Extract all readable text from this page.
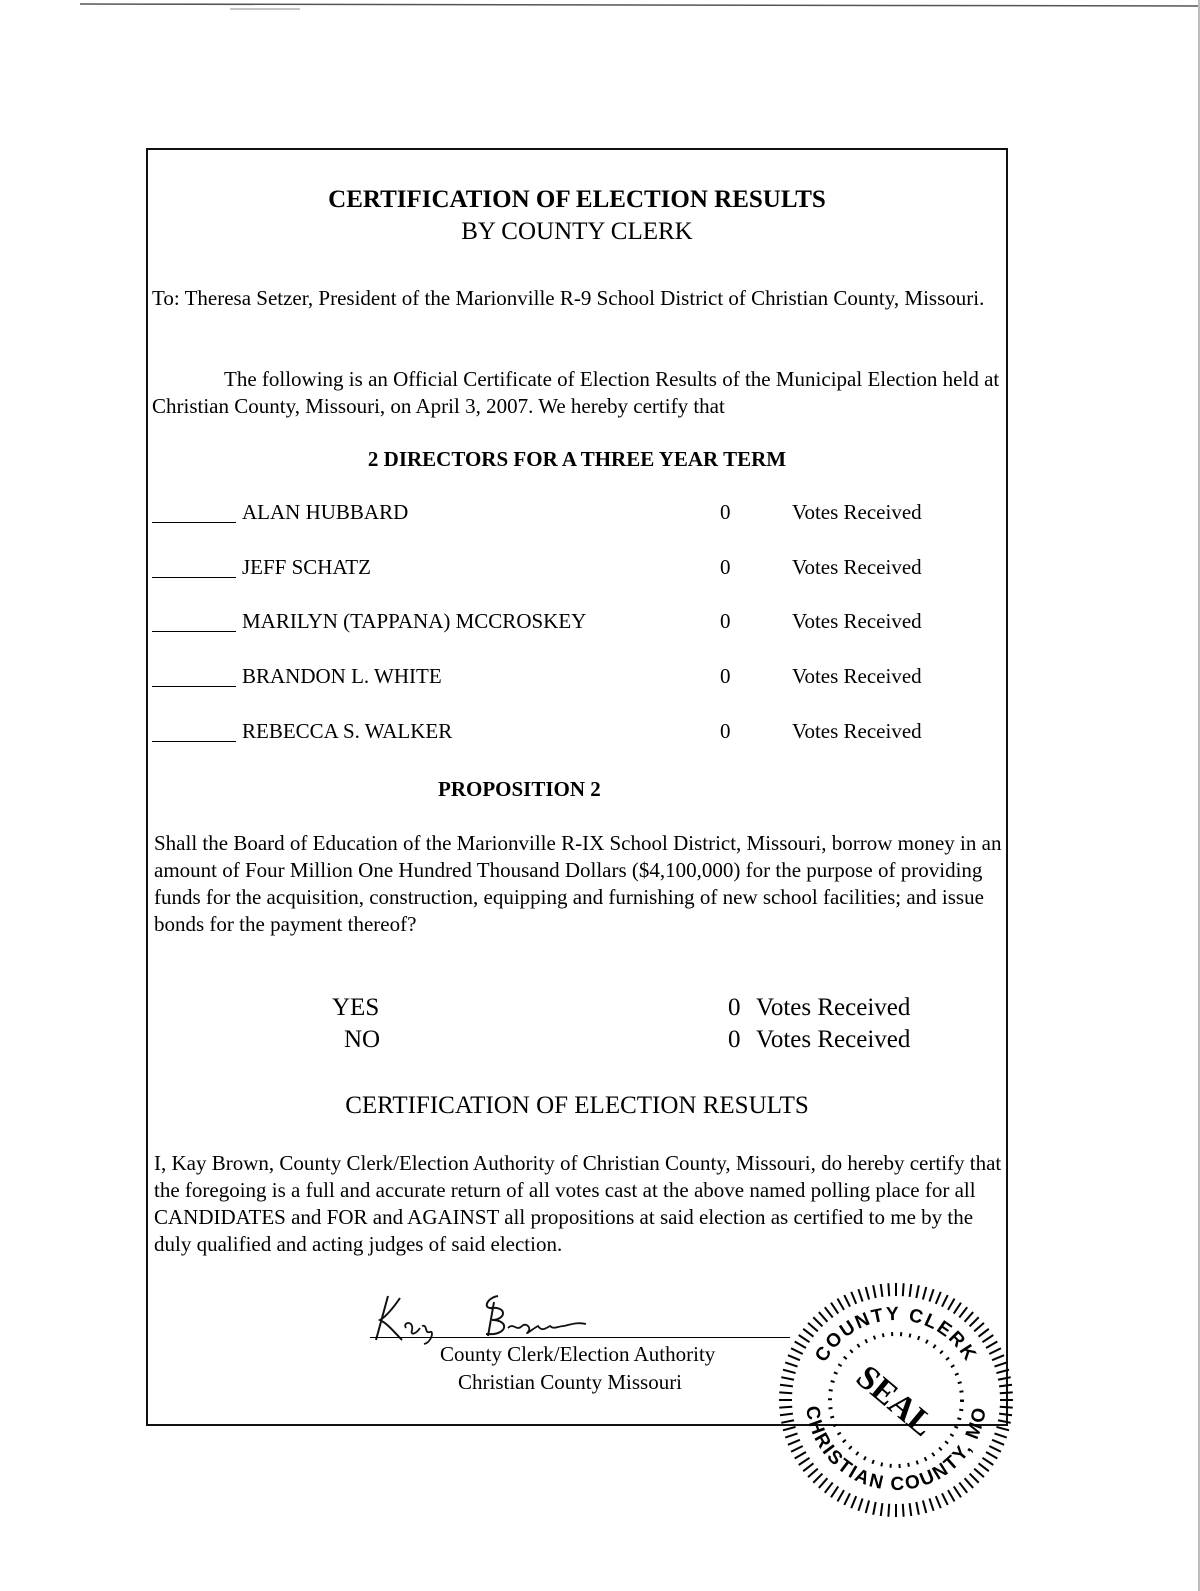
CERTIFICATION OF ELECTION RESULTS
BY COUNTY CLERK
To: Theresa Setzer, President of the Marionville R-9 School District of Christian County, Missouri.
The following is an Official Certificate of Election Results of the Municipal Election held at Christian County, Missouri, on April 3, 2007. We hereby certify that
2 DIRECTORS FOR A THREE YEAR TERM
ALAN HUBBARD	0	Votes Received
JEFF SCHATZ	0	Votes Received
MARILYN (TAPPANA) MCCROSKEY	0	Votes Received
BRANDON L. WHITE	0	Votes Received
REBECCA S. WALKER	0	Votes Received
PROPOSITION 2
Shall the Board of Education of the Marionville R-IX School District, Missouri, borrow money in an amount of Four Million One Hundred Thousand Dollars ($4,100,000) for the purpose of providing funds for the acquisition, construction, equipping and furnishing of new school facilities; and issue bonds for the payment thereof?
YES	0 Votes Received
NO	0 Votes Received
CERTIFICATION OF ELECTION RESULTS
I, Kay Brown, County Clerk/Election Authority of Christian County, Missouri, do hereby certify that the foregoing is a full and accurate return of all votes cast at the above named polling place for all CANDIDATES and FOR and AGAINST all propositions at said election as certified to me by the duly qualified and acting judges of said election.
County Clerk/Election Authority
Christian County Missouri
COUNTY CLERK
CHRISTIAN COUNTY, MO
SEAL
